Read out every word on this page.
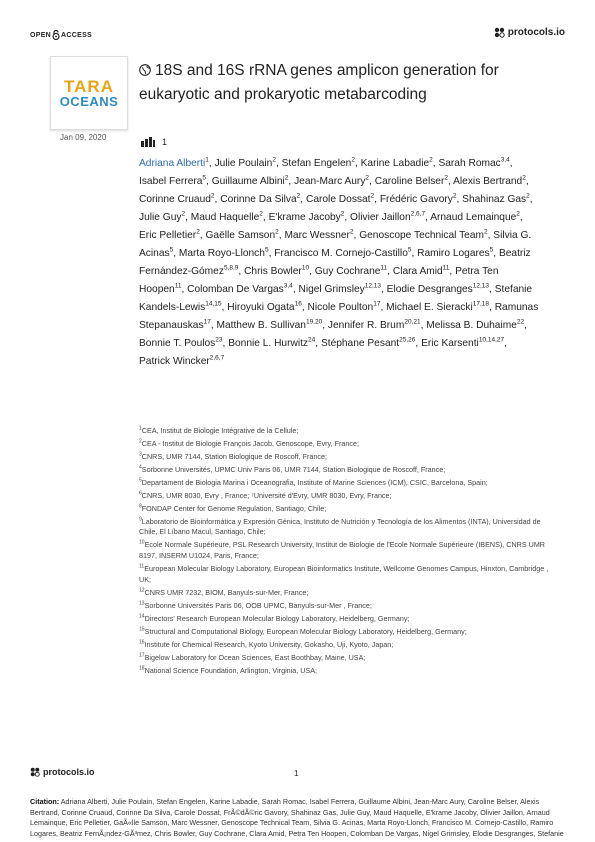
OPEN ACCESS	protocols.io
TARA
OCEANS
Jan 09, 2020
18S and 16S rRNA genes amplicon generation for eukaryotic and prokaryotic metabarcoding
1
Adriana Alberti$^1$, Julie Poulain$^2$, Stefan Engelen$^2$, Karine Labadie$^2$, Sarah Romac$^{3,4}$, Isabel Ferrera$^5$, Guillaume Albini$^2$, Jean-Marc Aury$^2$, Caroline Belser$^2$, Alexis Bertrand$^2$, Corinne Cruaud$^2$, Corinne Da Silva$^2$, Carole Dossat$^2$, Frédéric Gavory$^2$, Shahinaz Gas$^2$, Julie Guy$^2$, Maud Haquelle$^2$, E'krame Jacoby$^2$, Olivier Jaillon$^{2,6,7}$, Arnaud Lemainque$^2$, Eric Pelletier$^2$, Gaëlle Samson$^2$, Marc Wessner$^2$, Genoscope Technical Team$^2$, Silvia G. Acinas$^5$, Marta Royo-Llonch$^5$, Francisco M. Cornejo-Castillo$^5$, Ramiro Logares$^5$, Beatriz Fernández-Gómez$^{5,8,9}$, Chris Bowler$^{10}$, Guy Cochrane$^{11}$, Clara Amid$^{11}$, Petra Ten Hoopen$^{11}$, Colomban De Vargas$^{3,4}$, Nigel Grimsley$^{12,13}$, Elodie Desgranges$^{12,13}$, Stefanie Kandels-Lewis$^{14,15}$, Hiroyuki Ogata$^{16}$, Nicole Poulton$^{17}$, Michael E. Sieracki$^{17,18}$, Ramunas Stepanauskas$^{17}$, Matthew B. Sullivan$^{19,20}$, Jennifer R. Brum$^{20,21}$, Melissa B. Duhaime$^{22}$, Bonnie T. Poulos$^{23}$, Bonnie L. Hurwitz$^{24}$, Stéphane Pesant$^{25,26}$, Eric Karsenti$^{10,14,27}$, Patrick Wincker$^{2,6,7}$
$^1$CEA, Institut de Biologie Intégrative de la Cellule;
$^2$CEA - Institut de Biologie François Jacob, Genoscope, Evry, France;
$^3$CNRS, UMR 7144, Station Biologique de Roscoff, France;
$^4$Sorbonne Universités, UPMC Univ Paris 06, UMR 7144, Station Biologique de Roscoff, France;
$^5$Departament de Biologia Marina i Oceanografia, Institute of Marine Sciences (ICM), CSIC, Barcelona, Spain;
$^6$CNRS, UMR 8030, Evry , France; ⁷Université d'Evry, UMR 8030, Evry, France;
$^8$FONDAP Center for Genome Regulation, Santiago, Chile;
$^9$Laboratorio de Bioinformática y Expresión Génica, Instituto de Nutrición y Tecnología de los Alimentos (INTA), Universidad de Chile, El Líbano Macul, Santiago, Chile;
$^{10}$Ecole Normale Supérieure, PSL Research University, Institut de Biologie de l'Ecole Normale Supérieure (IBENS), CNRS UMR 8197, INSERM U1024, Paris, France;
$^{11}$European Molecular Biology Laboratory, European Bioinformatics Institute, Wellcome Genomes Campus, Hinxton, Cambridge , UK;
$^{12}$CNRS UMR 7232, BIOM, Banyuls-sur-Mer, France;
$^{13}$Sorbonne Universités Paris 06, OOB UPMC, Banyuls-sur-Mer , France;
$^{14}$Directors' Research European Molecular Biology Laboratory, Heidelberg, Germany;
$^{15}$Structural and Computational Biology, European Molecular Biology Laboratory, Heidelberg, Germany;
$^{16}$Institute for Chemical Research, Kyoto University, Gokasho, Uji, Kyoto, Japan;
$^{17}$Bigelow Laboratory for Ocean Sciences, East Boothbay, Maine, USA;
$^{18}$National Science Foundation, Arlington, Virginia, USA;
protocols.io	1
Citation: Adriana Alberti, Julie Poulain, Stefan Engelen, Karine Labadie, Sarah Romac, Isabel Ferrera, Guillaume Albini, Jean-Marc Aury, Caroline Belser, Alexis Bertrand, Corinne Cruaud, Corinne Da Silva, Carole Dossat, FrÃ©dÃ©ric Gavory, Shahinaz Gas, Julie Guy, Maud Haquelle, E'krame Jacoby, Olivier Jaillon, Arnaud Lemainque, Eric Pelletier, GaÃ«lle Samson, Marc Wessner, Genoscope Technical Team, Silvia G. Acinas, Marta Royo-Llonch, Francisco M. Cornejo-Castillo, Ramiro Logares, Beatriz FernÃ¡ndez-GÃ³mez, Chris Bowler, Guy Cochrane, Clara Amid, Petra Ten Hoopen, Colomban De Vargas, Nigel Grimsley, Elodie Desgranges, Stefanie
